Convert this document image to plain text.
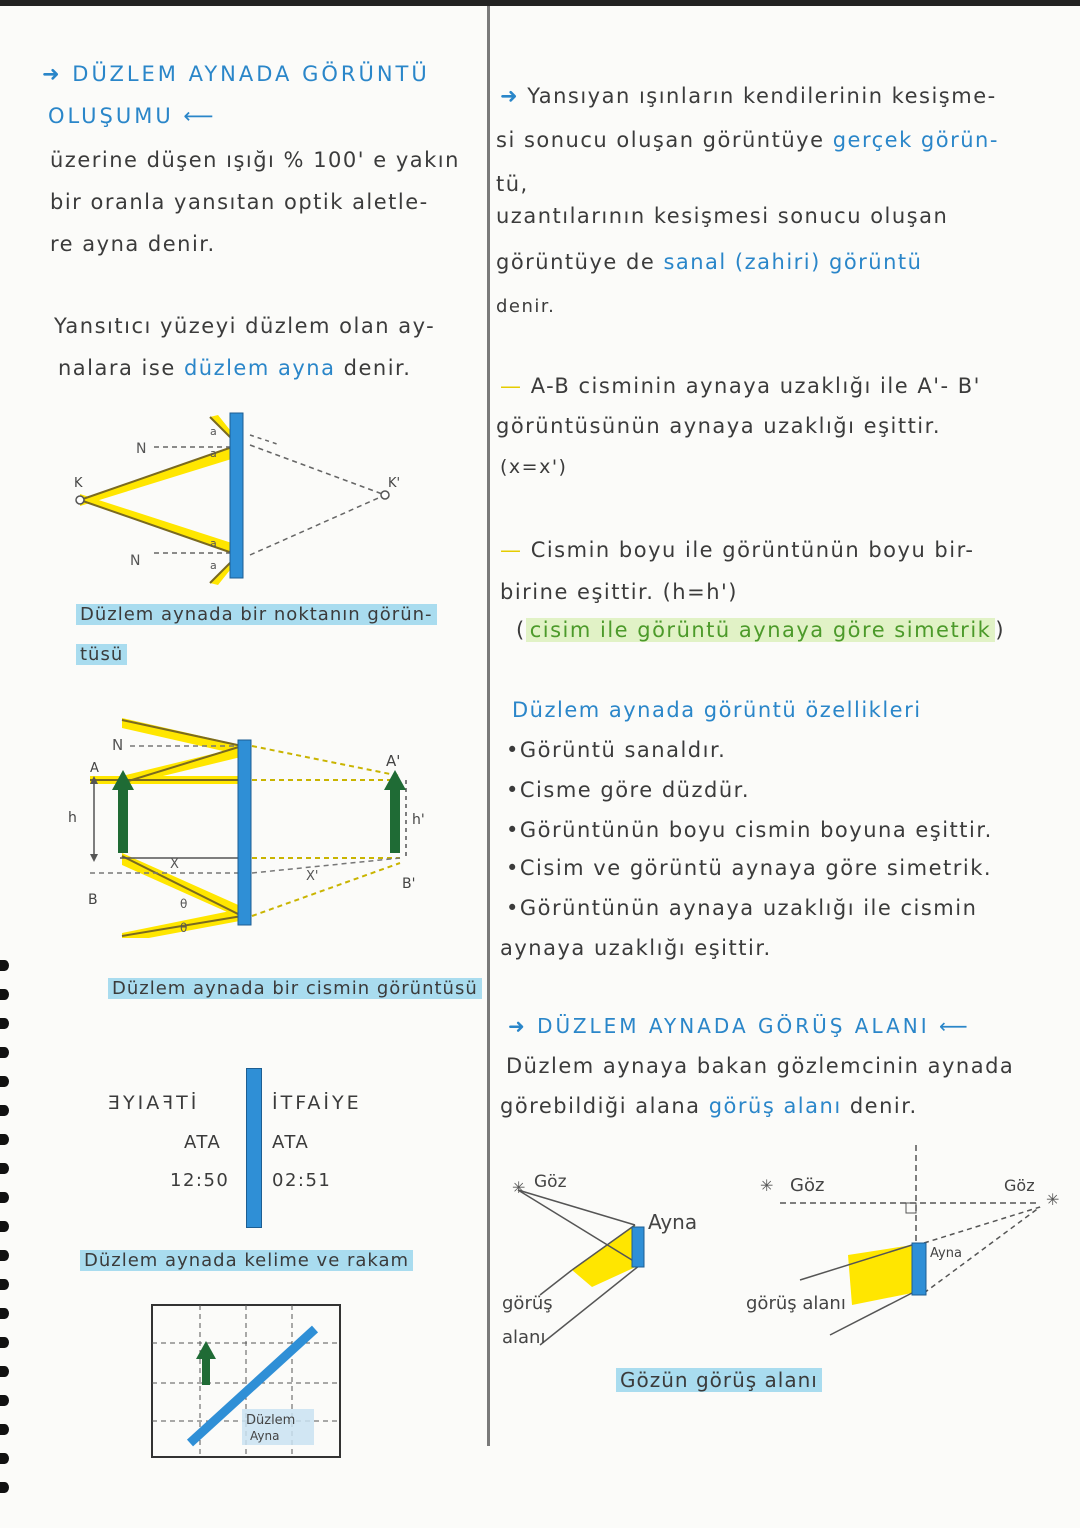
➜ DÜZLEM AYNADA GÖRÜNTÜ
OLUŞUMU ⟵
üzerine düşen ışığı % 100' e yakın
bir oranla yansıtan optik aletle-
re ayna denir.
Yansıtıcı yüzeyi düzlem olan ay-
nalara ise düzlem ayna denir.
K	K'
N
N
a
a
a
a
Düzlem aynada bir noktanın görün-
tüsü
N
A	A'
h	h'
B
B'
X
X'
θ
θ
Düzlem aynada bir cismin görüntüsü
ƎYIAꟻTİ	İTFAİYE
ATA	ATA
12:50 02:51
Düzlem aynada kelime ve rakam
Düzlem
Ayna
➜ Yansıyan ışınların kendilerinin kesişme-
si sonucu oluşan görüntüye gerçek görün-
tü,
uzantılarının kesişmesi sonucu oluşan
görüntüye de sanal (zahiri) görüntü
denir.
— A-B cisminin aynaya uzaklığı ile A'- B'
görüntüsünün aynaya uzaklığı eşittir.
(x=x')
— Cismin boyu ile görüntünün boyu bir-
birine eşittir. (h=h')
( cisim ile görüntü aynaya göre simetrik )
Düzlem aynada görüntü özellikleri
•Görüntü sanaldır.
•Cisme göre düzdür.
•Görüntünün boyu cismin boyuna eşittir.
•Cisim ve görüntü aynaya göre simetrik.
•Görüntünün aynaya uzaklığı ile cismin
aynaya uzaklığı eşittir.
➜ DÜZLEM AYNADA GÖRÜŞ ALANI ⟵
Düzlem aynaya bakan gözlemcinin aynada
görebildiği alana görüş alanı denir.
✳ Göz
Ayna
görüş
alanı
✳ Göz	Göz
✳
Ayna
görüş alanı
Gözün görüş alanı
